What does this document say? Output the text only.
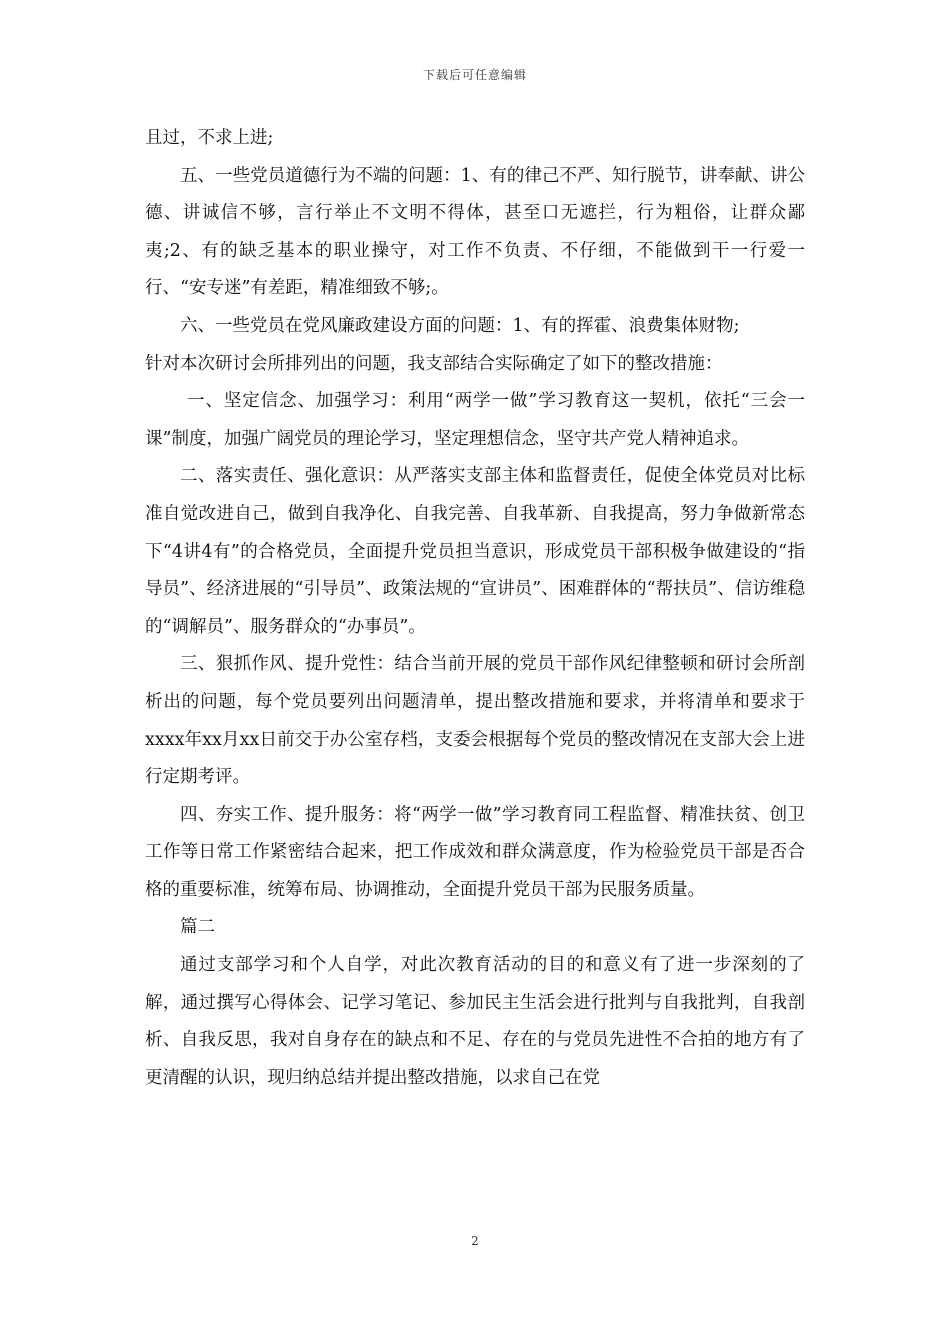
下载后可任意编辑

且过，不求上进;

五、一些党员道德行为不端的问题：1、有的律己不严、知行脱节，讲奉献、讲公德、讲诚信不够，言行举止不文明不得体，甚至口无遮拦，行为粗俗，让群众鄙夷;2、有的缺乏基本的职业操守，对工作不负责、不仔细，不能做到干一行爱一行、“安专迷”有差距，精准细致不够;。

六、一些党员在党风廉政建设方面的问题：1、有的挥霍、浪费集体财物;

针对本次研讨会所排列出的问题，我支部结合实际确定了如下的整改措施：

一、坚定信念、加强学习：利用“两学一做”学习教育这一契机，依托“三会一课”制度，加强广阔党员的理论学习，坚定理想信念，坚守共产党人精神追求。

二、落实责任、强化意识：从严落实支部主体和监督责任，促使全体党员对比标准自觉改进自己，做到自我净化、自我完善、自我革新、自我提高，努力争做新常态下“4讲4有”的合格党员，全面提升党员担当意识，形成党员干部积极争做建设的“指导员”、经济进展的“引导员”、政策法规的“宣讲员”、困难群体的“帮扶员”、信访维稳的“调解员”、服务群众的“办事员”。

三、狠抓作风、提升党性：结合当前开展的党员干部作风纪律整顿和研讨会所剖析出的问题，每个党员要列出问题清单，提出整改措施和要求，并将清单和要求于xxxx年xx月xx日前交于办公室存档，支委会根据每个党员的整改情况在支部大会上进行定期考评。

四、夯实工作、提升服务：将“两学一做”学习教育同工程监督、精准扶贫、创卫工作等日常工作紧密结合起来，把工作成效和群众满意度，作为检验党员干部是否合格的重要标准，统筹布局、协调推动，全面提升党员干部为民服务质量。

篇二

通过支部学习和个人自学，对此次教育活动的目的和意义有了进一步深刻的了解，通过撰写心得体会、记学习笔记、参加民主生活会进行批判与自我批判，自我剖析、自我反思，我对自身存在的缺点和不足、存在的与党员先进性不合拍的地方有了更清醒的认识，现归纳总结并提出整改措施，以求自己在党

2
